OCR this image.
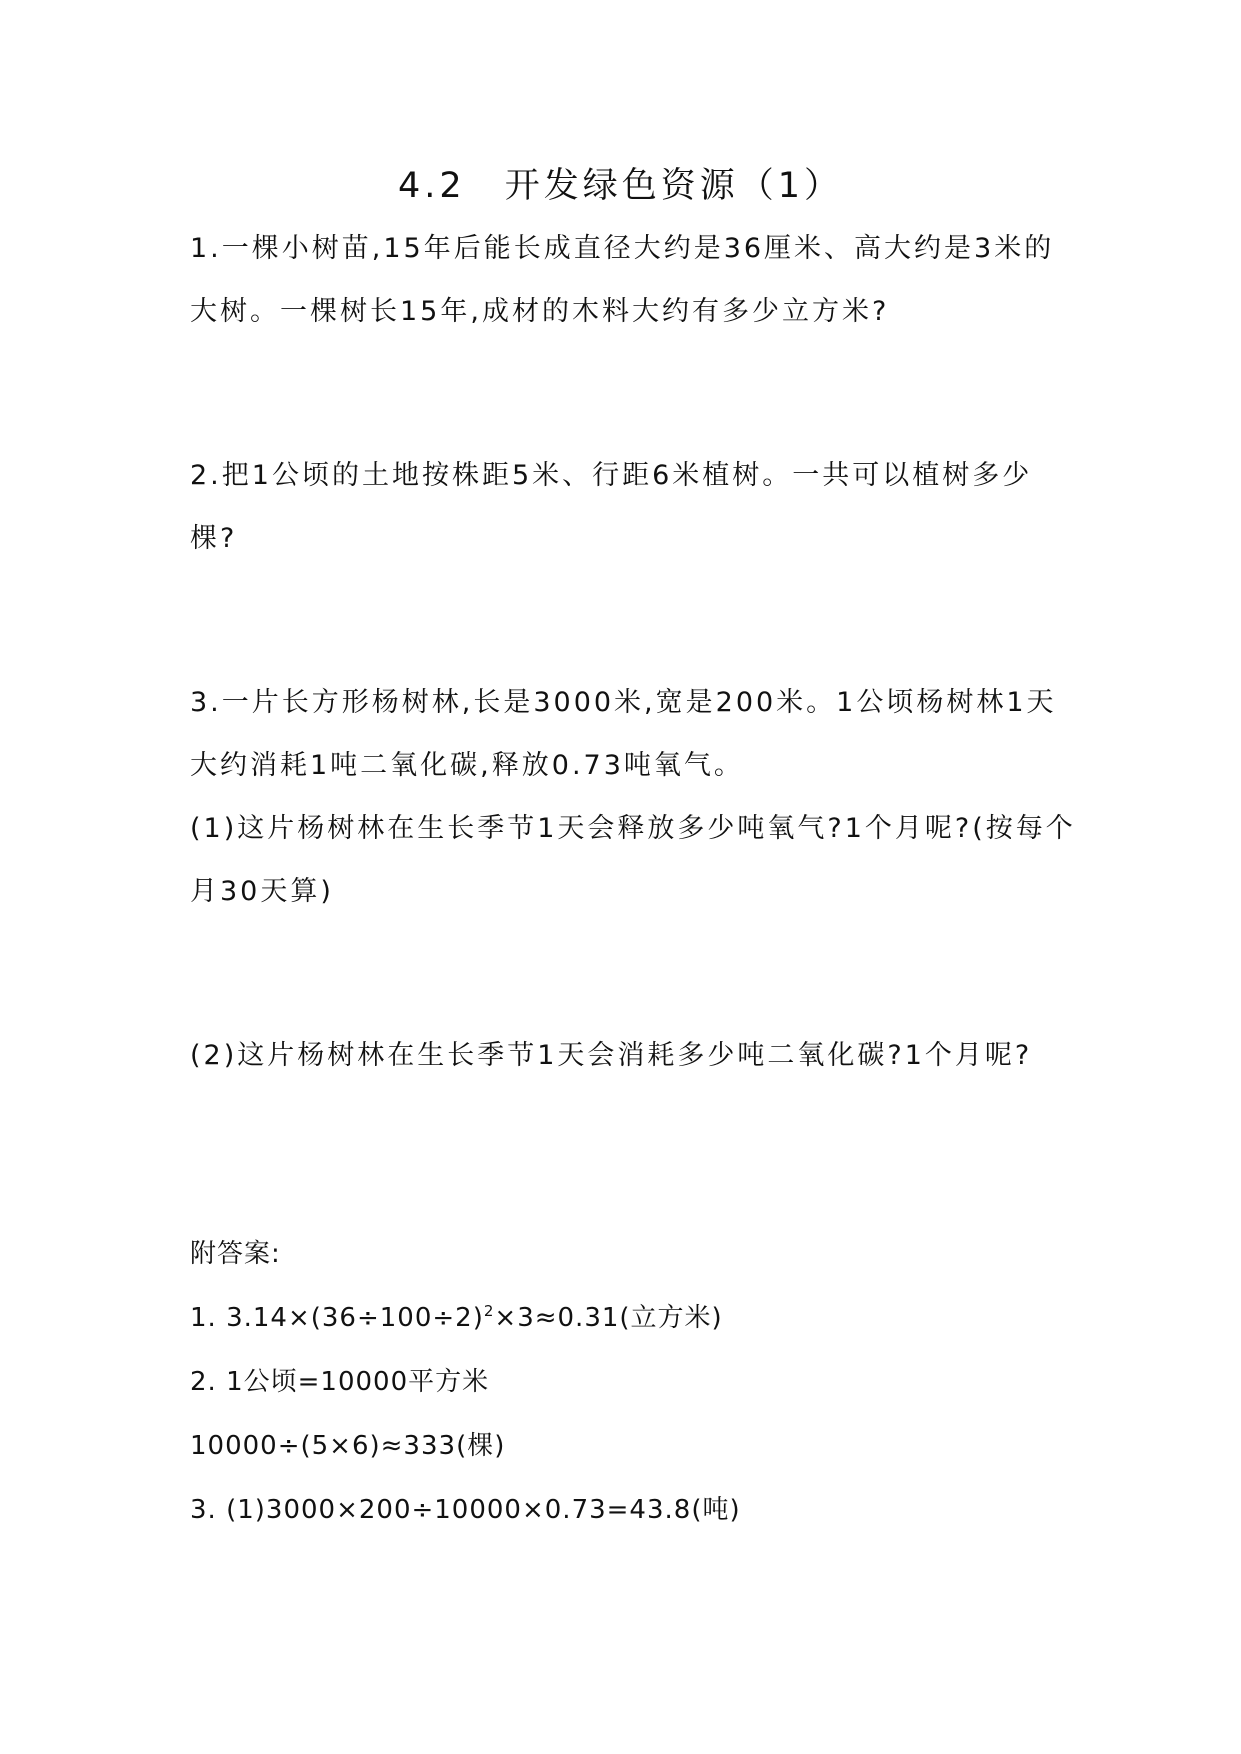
4.2　开发绿色资源（1）
1.一棵小树苗,15年后能长成直径大约是36厘米、高大约是3米的
大树。一棵树长15年,成材的木料大约有多少立方米?
2.把1公顷的土地按株距5米、行距6米植树。一共可以植树多少
棵?
3.一片长方形杨树林,长是3000米,宽是200米。1公顷杨树林1天
大约消耗1吨二氧化碳,释放0.73吨氧气。
(1)这片杨树林在生长季节1天会释放多少吨氧气?1个月呢?(按每个
月30天算)
(2)这片杨树林在生长季节1天会消耗多少吨二氧化碳?1个月呢?
附答案:
1. $3.14\times(36\div 100\div 2)^2\times 3\approx 0.31$(立方米)
2. 1公顷=10000平方米
10000÷(5×6)≈333(棵)
3. (1)3000×200÷10000×0.73=43.8(吨)
